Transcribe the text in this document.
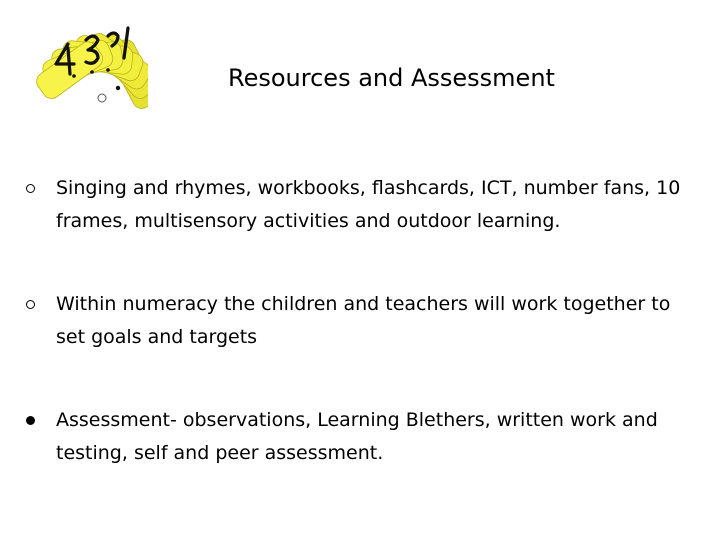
Resources and Assessment
Singing and rhymes, workbooks, flashcards, ICT, number fans, 10 frames, multisensory activities and outdoor learning.
Within numeracy the children and teachers will work together to set goals and targets
Assessment- observations, Learning Blethers, written work and testing, self and peer assessment.
